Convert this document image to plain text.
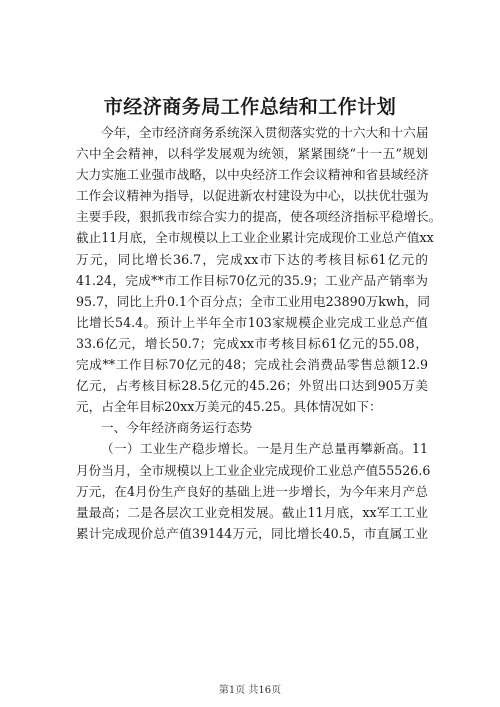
市经济商务局工作总结和工作计划
今年，全市经济商务系统深入贯彻落实党的十六大和十六届
六中全会精神，以科学发展观为统领，紧紧围绕“十一五”规划
大力实施工业强市战略，以中央经济工作会议精神和省县域经济
工作会议精神为指导，以促进新农村建设为中心，以扶优壮强为
主要手段，狠抓我市综合实力的提高，使各项经济指标平稳增长。
截止11月底，全市规模以上工业企业累计完成现价工业总产值xx
万元，同比增长36.7，完成xx市下达的考核目标61亿元的
41.24，完成**市工作目标70亿元的35.9；工业产品产销率为
95.7，同比上升0.1个百分点；全市工业用电23890万kwh，同
比增长54.4。预计上半年全市103家规模企业完成工业总产值
33.6亿元，增长50.7；完成xx市考核目标61亿元的55.08，
完成**工作目标70亿元的48；完成社会消费品零售总额12.9
亿元，占考核目标28.5亿元的45.26；外贸出口达到905万美
元，占全年目标20xx万美元的45.25。具体情况如下：
一、今年经济商务运行态势
（一）工业生产稳步增长。一是月生产总量再攀新高。11
月份当月，全市规模以上工业企业完成现价工业总产值55526.6
万元，在4月份生产良好的基础上进一步增长，为今年来月产总
量最高；二是各层次工业竞相发展。截止11月底，xx军工工业
累计完成现价总产值39144万元，同比增长40.5，市直属工业
第1页 共16页
